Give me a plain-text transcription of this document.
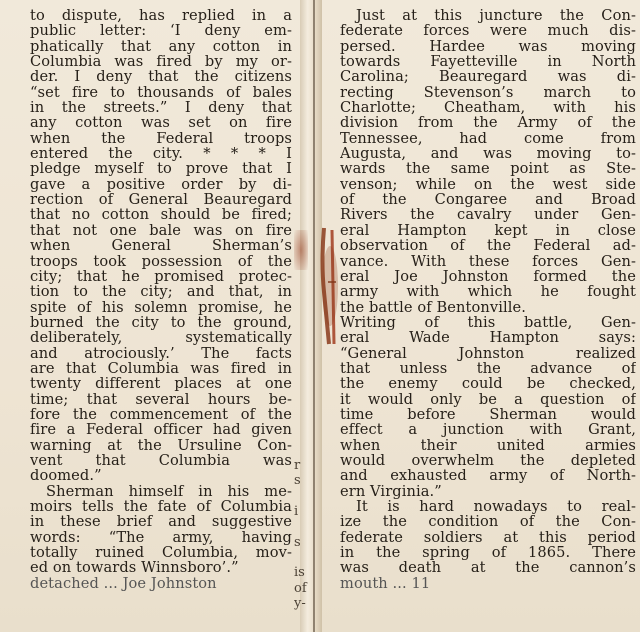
to dispute, has replied in a
public letter: ‘I deny em-
phatically that any cotton in
Columbia was fired by my or-
der. I deny that the citizens
“set fire to thousands of bales
in the streets.” I deny that
any cotton was set on fire
when the Federal troops
entered the city. * * * I
pledge myself to prove that I
gave a positive order by di-
rection of General Beauregard
that no cotton should be fired;
that not one bale was on fire
when General Sherman’s
troops took possession of the
city; that he promised protec-
tion to the city; and that, in
spite of his solemn promise, he
burned the city to the ground,
deliberately, systematically
and atrociously.’ The facts
are that Columbia was fired in
twenty different places at one
time; that several hours be-
fore the commencement of the
fire a Federal officer had given
warning at the Ursuline Con-
vent that Columbia was
doomed.”
Sherman himself in his me-
moirs tells the fate of Columbia
in these brief and suggestive
words: “The army, having
totally ruined Columbia, mov-
ed on towards Winnsboro’.”
detached ... Joe Johnston
Just at this juncture the Con-
federate forces were much dis-
persed. Hardee was moving
towards Fayetteville in North
Carolina; Beauregard was di-
recting Stevenson’s march to
Charlotte; Cheatham, with his
division from the Army of the
Tennessee, had come from
Augusta, and was moving to-
wards the same point as Ste-
venson; while on the west side
of the Congaree and Broad
Rivers the cavalry under Gen-
eral Hampton kept in close
observation of the Federal ad-
vance. With these forces Gen-
eral Joe Johnston formed the
army with which he fought
the battle of Bentonville.
Writing of this battle, Gen-
eral Wade Hampton says:
“General Johnston realized
that unless the advance of
the enemy could be checked,
it would only be a question of
time before Sherman would
effect a junction with Grant,
when their united armies
would overwhelm the depleted
and exhausted army of North-
ern Virginia.”
It is hard nowadays to real-
ize the condition of the Con-
federate soldiers at this period
in the spring of 1865. There
was death at the cannon’s
mouth ... 11
r
s

i

s

is
of
y-
